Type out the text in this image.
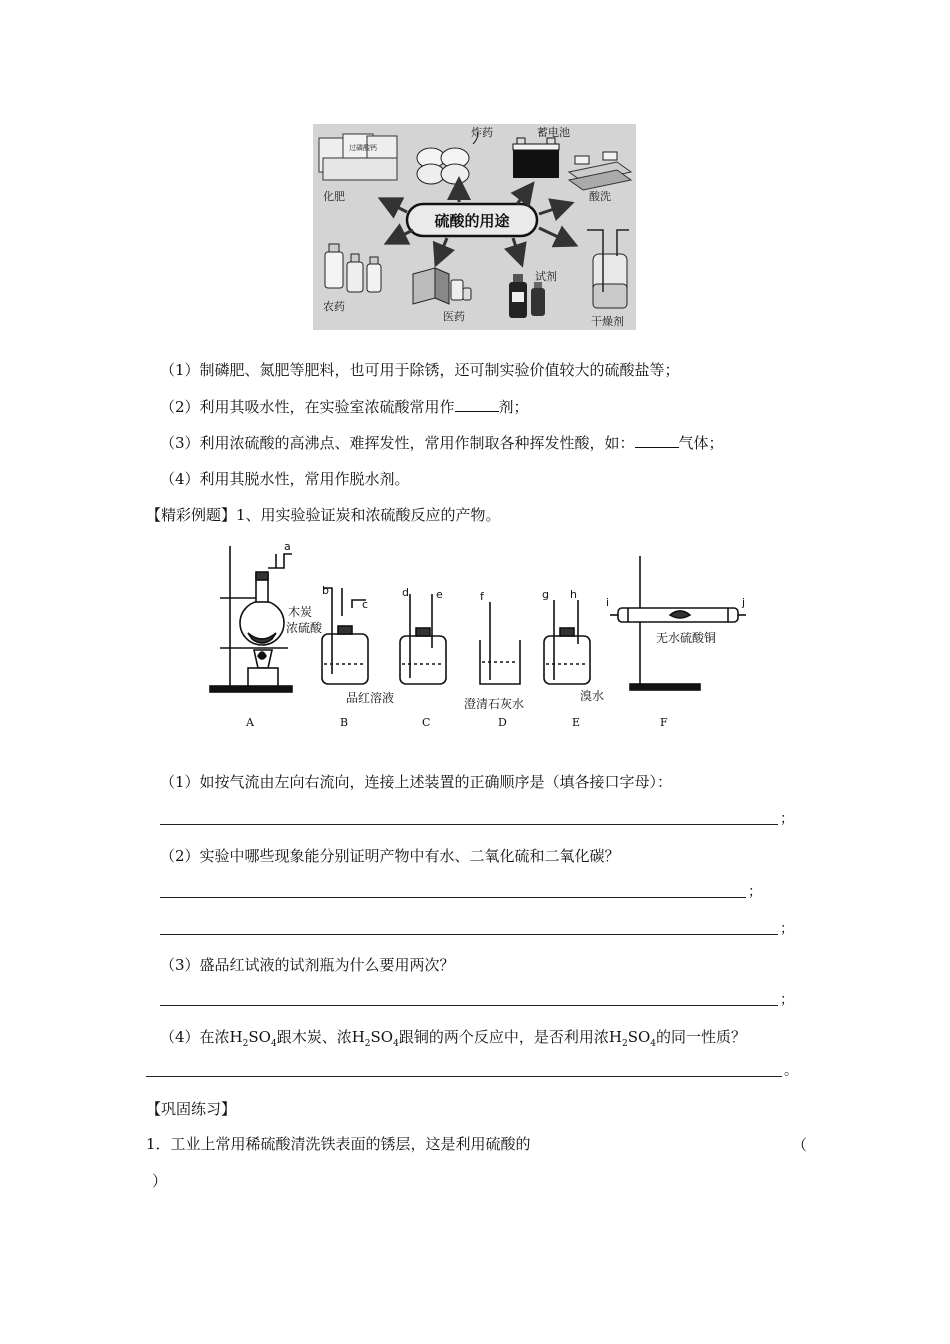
过磷酸钙
硫酸的用途
化肥
炸药	蓄电池
酸洗
农药
医药
试剂
干燥剂
（1）制磷肥、氮肥等肥料，也可用于除锈，还可制实验价值较大的硫酸盐等；
（2）利用其吸水性，在实验室浓硫酸常用作	剂；
（3）利用浓硫酸的高沸点、难挥发性，常用作制取各种挥发性酸，如：	气体；
（4）利用其脱水性，常用作脱水剂。
【精彩例题】1、用实验验证炭和浓硫酸反应的产物。
a
b
c
d e	f	g h
i	j
木炭
浓硫酸
品红溶液	澄清石灰水
溴水
无水硫酸铜
A	B	C	D	E	F
（1）如按气流由左向右流向，连接上述装置的正确顺序是（填各接口字母）：
；
（2）实验中哪些现象能分别证明产物中有水、二氧化硫和二氧化碳？
；
；
（3）盛品红试液的试剂瓶为什么要用两次？
；
（4）在浓$H_2SO_4$跟木炭、浓$H_2SO_4$跟铜的两个反应中，是否利用浓$H_2SO_4$的同一性质？
。
【巩固练习】
1．工业上常用稀硫酸清洗铁表面的锈层，这是利用硫酸的	（
）
